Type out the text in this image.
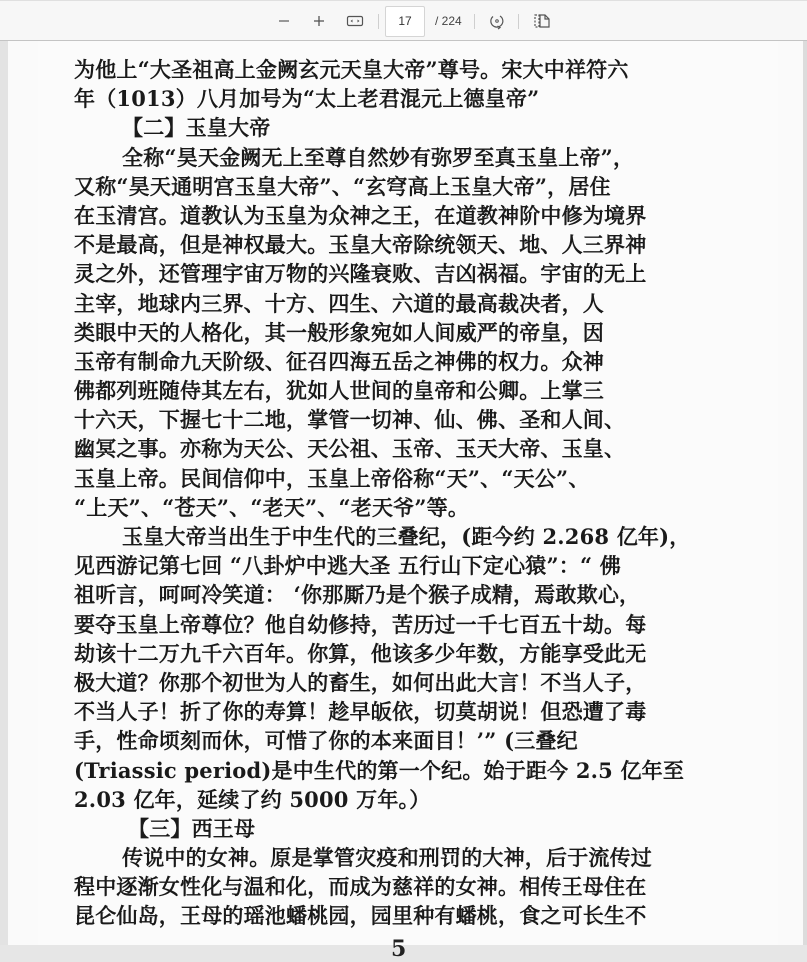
17	/ 224
为他上“大圣祖高上金阙玄元天皇大帝”尊号。宋大中祥符六
年（1013）八月加号为“太上老君混元上德皇帝”
【二】玉皇大帝
全称“昊天金阙无上至尊自然妙有弥罗至真玉皇上帝”，
又称“昊天通明宫玉皇大帝”、“玄穹高上玉皇大帝”，居住
在玉清宫。道教认为玉皇为众神之王，在道教神阶中修为境界
不是最高，但是神权最大。玉皇大帝除统领天、地、人三界神
灵之外，还管理宇宙万物的兴隆衰败、吉凶祸福。宇宙的无上
主宰，地球内三界、十方、四生、六道的最高裁决者，人
类眼中天的人格化，其一般形象宛如人间威严的帝皇，因
玉帝有制命九天阶级、征召四海五岳之神佛的权力。众神
佛都列班随侍其左右，犹如人世间的皇帝和公卿。上掌三
十六天，下握七十二地，掌管一切神、仙、佛、圣和人间、
幽冥之事。亦称为天公、天公祖、玉帝、玉天大帝、玉皇、
玉皇上帝。民间信仰中，玉皇上帝俗称“天”、“天公”、
“上天”、“苍天”、“老天”、“老天爷”等。
玉皇大帝当出生于中生代的三叠纪，(距今约 2.268 亿年)，
见西游记第七回 “八卦炉中逃大圣 五行山下定心猿”：“ 佛
祖听言，呵呵冷笑道： ‘你那厮乃是个猴子成精，焉敢欺心，
要夺玉皇上帝尊位？他自幼修持，苦历过一千七百五十劫。每
劫该十二万九千六百年。你算，他该多少年数，方能享受此无
极大道？你那个初世为人的畜生，如何出此大言！不当人子，
不当人子！折了你的寿算！趁早皈依，切莫胡说！但恐遭了毒
手，性命顷刻而休，可惜了你的本来面目！’” (三叠纪
(Triassic period)是中生代的第一个纪。始于距今 2.5 亿年至
2.03 亿年，延续了约 5000 万年。）
【三】西王母
传说中的女神。原是掌管灾疫和刑罚的大神，后于流传过
程中逐渐女性化与温和化，而成为慈祥的女神。相传王母住在
昆仑仙岛，王母的瑶池蟠桃园，园里种有蟠桃，食之可长生不
5
